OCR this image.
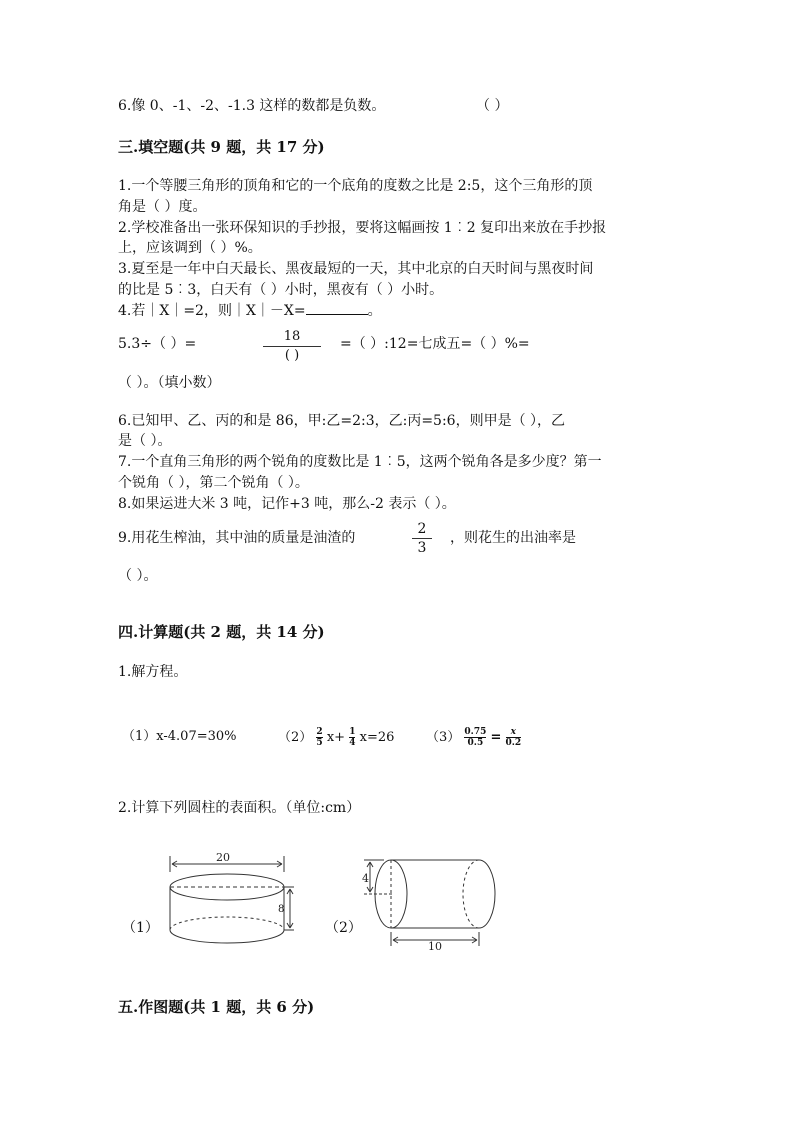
6.像 0、-1、-2、-1.3 这样的数都是负数。	（ ）
三.填空题(共 9 题，共 17 分)
1.一个等腰三角形的顶角和它的一个底角的度数之比是 2:5，这个三角形的顶
角是（ ）度。
2.学校准备出一张环保知识的手抄报，要将这幅画按 1︰2 复印出来放在手抄报
上，应该调到（ ）%。
3.夏至是一年中白天最长、黑夜最短的一天，其中北京的白天时间与黑夜时间
的比是 5︰3，白天有（ ）小时，黑夜有（ ）小时。
4.若｜X｜=2，则｜X｜－X=	。
5.3÷（ ）=	18
( )
=（ ）:12=七成五=（ ）%=
（ ）。（填小数）
6.已知甲、乙、丙的和是 86，甲:乙=2:3，乙:丙=5:6，则甲是（ ），乙
是（ ）。
7.一个直角三角形的两个锐角的度数比是 1︰5，这两个锐角各是多少度？第一
个锐角（ ），第二个锐角（ ）。
8.如果运进大米 3 吨，记作+3 吨，那么-2 表示（ ）。
9.用花生榨油，其中油的质量是油渣的
2
3
，则花生的出油率是
（ ）。
四.计算题(共 2 题，共 14 分)
1.解方程。
（1）x-4.07=30%	$(2) \frac{2}{5} x+ \frac{1}{4} x=26$ $(3) \frac{0.75}{0.5} = \frac{x}{0.2}$
2.计算下列圆柱的表面积。（单位:cm）
（1）
20
8
（2）
4
10
五.作图题(共 1 题，共 6 分)
